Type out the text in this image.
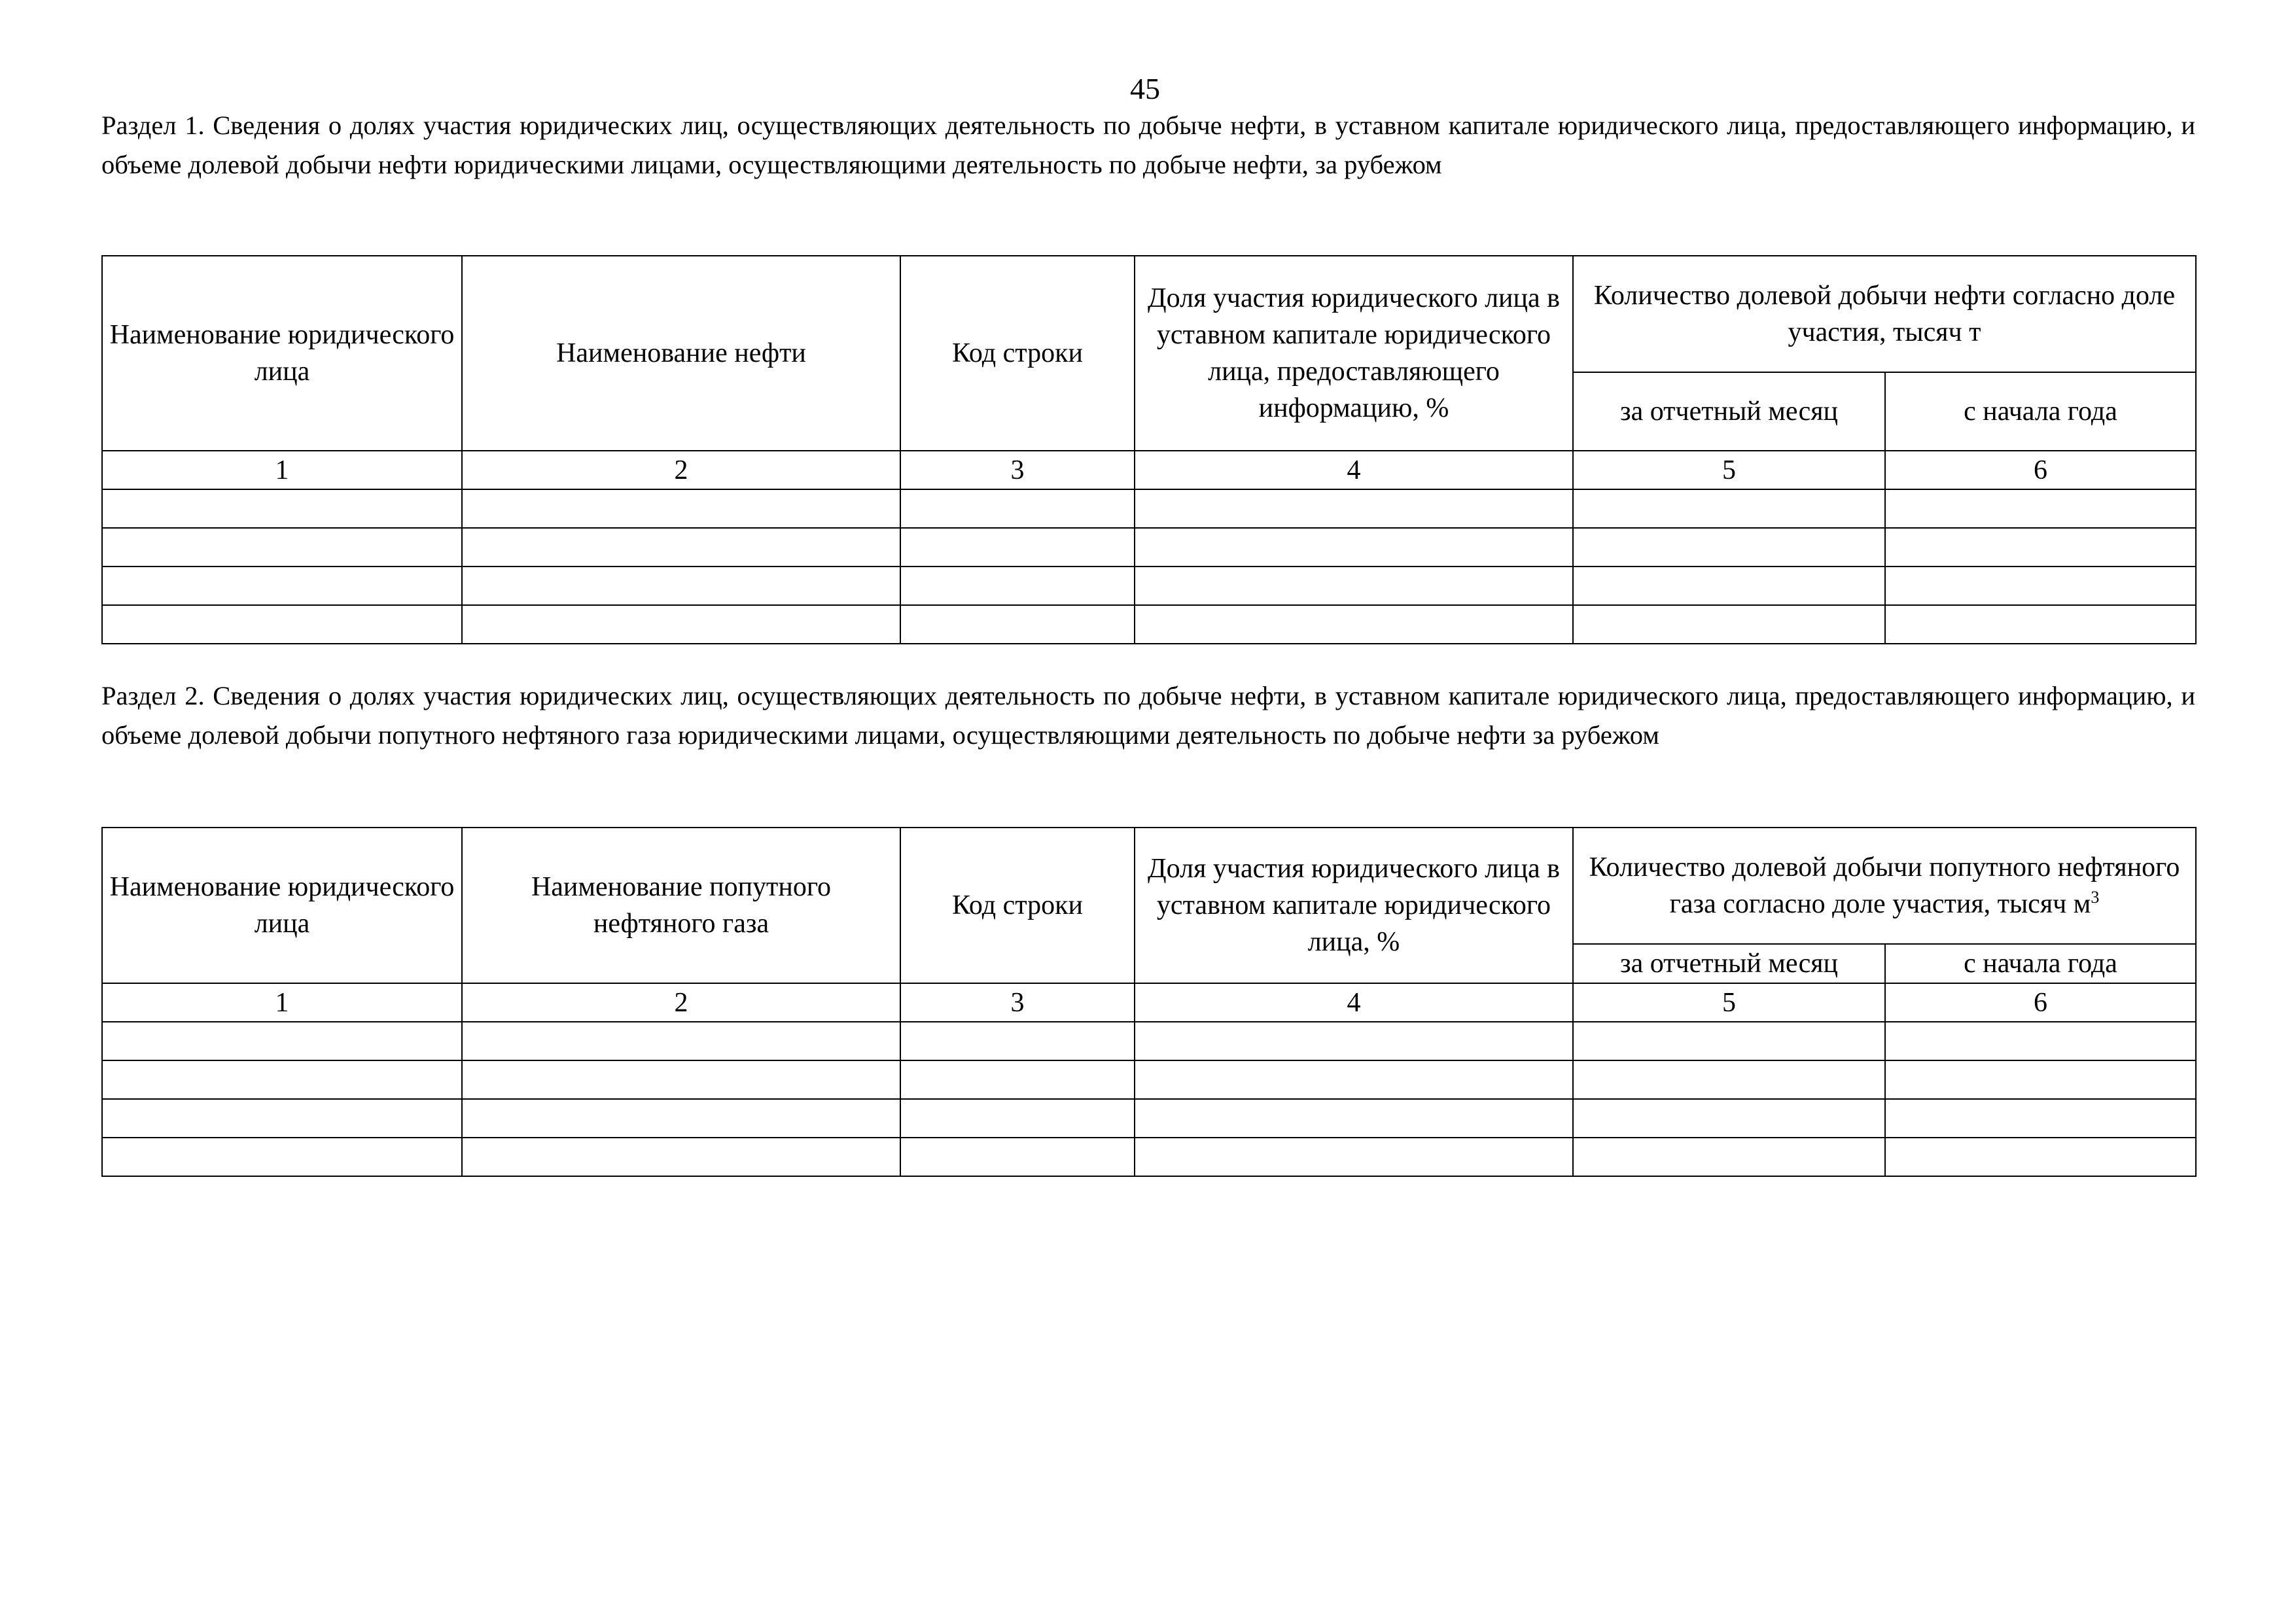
45
Раздел 1. Сведения о долях участия юридических лиц, осуществляющих деятельность по добыче нефти, в уставном капитале юридического лица, предоставляющего информацию, и объеме долевой добычи нефти юридическими лицами, осуществляющими деятельность по добыче нефти, за рубежом
Наименование юридического лица	Наименование нефти	Код строки	Доля участия юридического лица в уставном капитале юридического лица, предоставляющего информацию, %	Количество долевой добычи нефти согласно доле участия, тысяч т	
				за отчетный месяц	с начала года
1	2	3	4	5	6

Раздел 2. Сведения о долях участия юридических лиц, осуществляющих деятельность по добыче нефти, в уставном капитале юридического лица, предоставляющего информацию, и объеме долевой добычи попутного нефтяного газа юридическими лицами, осуществляющими деятельность по добыче нефти за рубежом
Наименование юридического лица	Наименование попутного нефтяного газа	Код строки	Доля участия юридического лица в уставном капитале юридического лица, %	Количество долевой добычи попутного нефтяного газа согласно доле участия, тысяч $м^3$
				за отчетный месяц	с начала года
1	2	3	4	5	6
